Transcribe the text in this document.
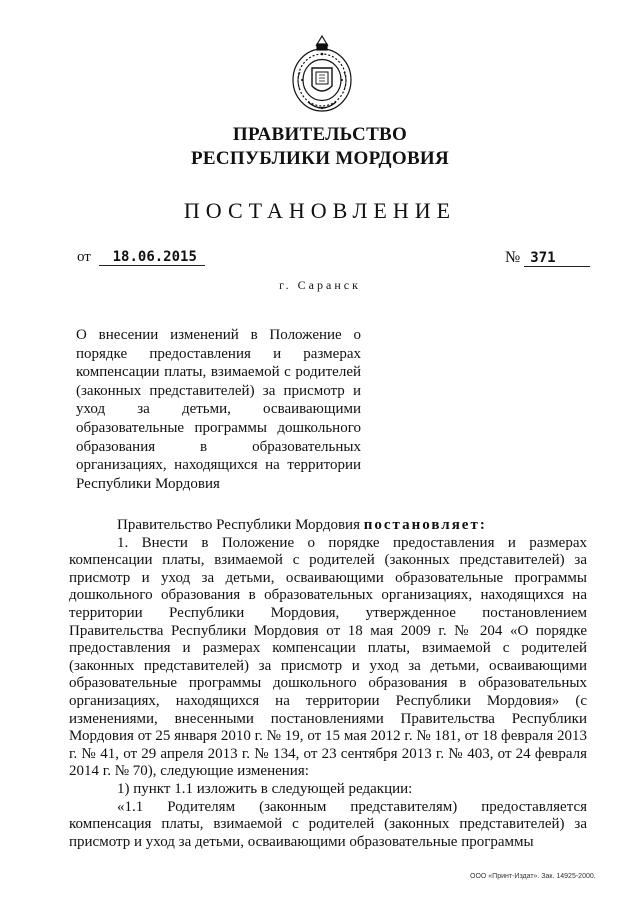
ПРАВИТЕЛЬСТВО
РЕСПУБЛИКИ МОРДОВИЯ
ПОСТАНОВЛЕНИЕ
от 18.06.2015	№ 371
г. Саранск

О внесении изменений в Положение о порядке предоставления и размерах компенсации платы, взимаемой с родителей (законных представителей) за присмотр и уход за детьми, осваивающими образовательные программы дошкольного образования в образовательных организациях, находящихся на территории Республики Мордовия

Правительство Республики Мордовия постановляет:

1. Внести в Положение о порядке предоставления и размерах компенсации платы, взимаемой с родителей (законных представителей) за присмотр и уход за детьми, осваивающими образовательные программы дошкольного образования в образовательных организациях, находящихся на территории Республики Мордовия, утвержденное постановлением Правительства Республики Мордовия от 18 мая 2009 г. № 204 «О порядке предоставления и размерах компенсации платы, взимаемой с родителей (законных представителей) за присмотр и уход за детьми, осваивающими образовательные программы дошкольного образования в образовательных организациях, находящихся на территории Республики Мордовия» (с изменениями, внесенными постановлениями Правительства Республики Мордовия от 25 января 2010 г. № 19, от 15 мая 2012 г. № 181, от 18 февраля 2013 г. № 41, от 29 апреля 2013 г. № 134, от 23 сентября 2013 г. № 403, от 24 февраля 2014 г. № 70), следующие изменения:

1) пункт 1.1 изложить в следующей редакции:

«1.1 Родителям (законным представителям) предоставляется компенсация платы, взимаемой с родителей (законных представителей) за присмотр и уход за детьми, осваивающими образовательные программы

ООО «Принт-Издат». Зак. 14925-2000.
